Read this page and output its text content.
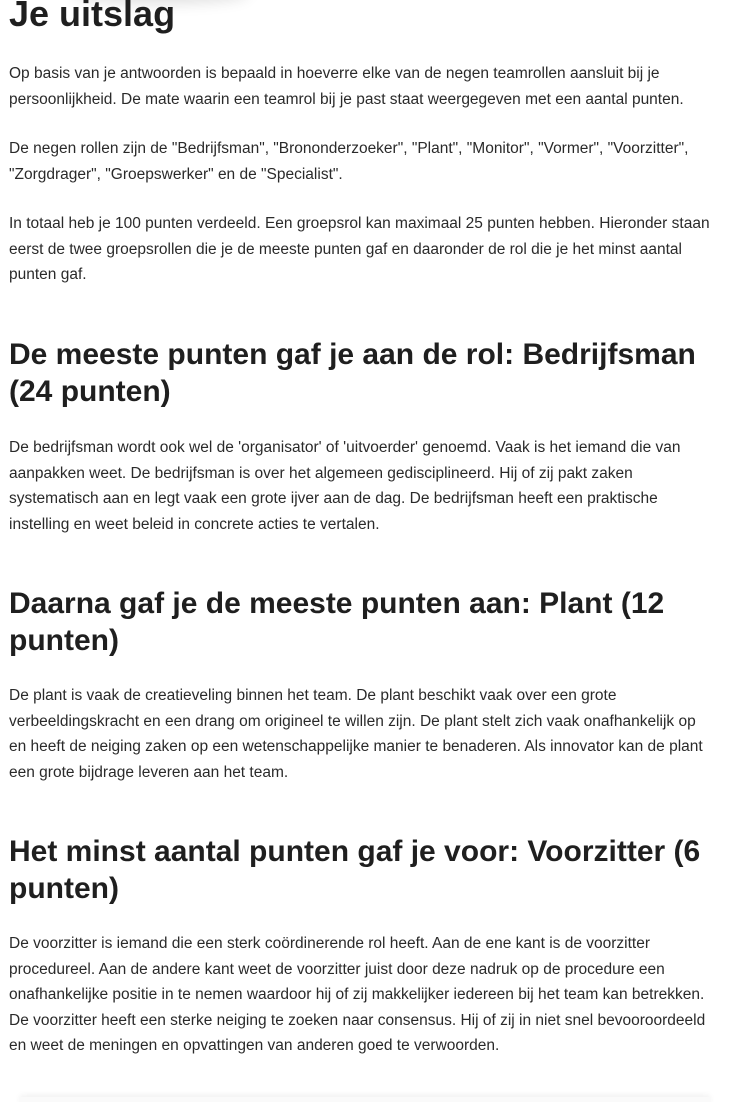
Je uitslag

Op basis van je antwoorden is bepaald in hoeverre elke van de negen teamrollen aansluit bij je persoonlijkheid. De mate waarin een teamrol bij je past staat weergegeven met een aantal punten.

De negen rollen zijn de "Bedrijfsman", "Brononderzoeker", "Plant", "Monitor", "Vormer", "Voorzitter", "Zorgdrager", "Groepswerker" en de "Specialist".

In totaal heb je 100 punten verdeeld. Een groepsrol kan maximaal 25 punten hebben. Hieronder staan eerst de twee groepsrollen die je de meeste punten gaf en daaronder de rol die je het minst aantal punten gaf.

De meeste punten gaf je aan de rol: Bedrijfsman (24 punten)

De bedrijfsman wordt ook wel de 'organisator' of 'uitvoerder' genoemd. Vaak is het iemand die van aanpakken weet. De bedrijfsman is over het algemeen gedisciplineerd. Hij of zij pakt zaken systematisch aan en legt vaak een grote ijver aan de dag. De bedrijfsman heeft een praktische instelling en weet beleid in concrete acties te vertalen.

Daarna gaf je de meeste punten aan: Plant (12 punten)

De plant is vaak de creatieveling binnen het team. De plant beschikt vaak over een grote verbeeldingskracht en een drang om origineel te willen zijn. De plant stelt zich vaak onafhankelijk op en heeft de neiging zaken op een wetenschappelijke manier te benaderen. Als innovator kan de plant een grote bijdrage leveren aan het team.

Het minst aantal punten gaf je voor: Voorzitter (6 punten)

De voorzitter is iemand die een sterk coördinerende rol heeft. Aan de ene kant is de voorzitter procedureel. Aan de andere kant weet de voorzitter juist door deze nadruk op de procedure een onafhankelijke positie in te nemen waardoor hij of zij makkelijker iedereen bij het team kan betrekken. De voorzitter heeft een sterke neiging te zoeken naar consensus. Hij of zij in niet snel bevooroordeeld en weet de meningen en opvattingen van anderen goed te verwoorden.
